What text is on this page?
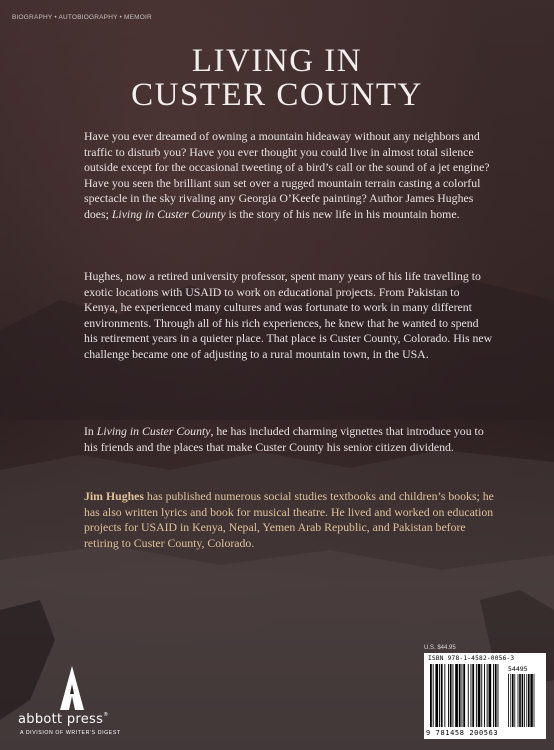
BIOGRAPHY • AUTOBIOGRAPHY • MEMOIR
LIVING IN
CUSTER COUNTY

Have you ever dreamed of owning a mountain hideaway without any neighbors and traffic to disturb you? Have you ever thought you could live in almost total silence outside except for the occasional tweeting of a bird’s call or the sound of a jet engine? Have you seen the brilliant sun set over a rugged mountain terrain casting a colorful spectacle in the sky rivaling any Georgia O’Keefe painting? Author James Hughes does; Living in Custer County is the story of his new life in his mountain home.

Hughes, now a retired university professor, spent many years of his life travelling to exotic locations with USAID to work on educational projects. From Pakistan to Kenya, he experienced many cultures and was fortunate to work in many different environments. Through all of his rich experiences, he knew that he wanted to spend his retirement years in a quieter place. That place is Custer County, Colorado. His new challenge became one of adjusting to a rural mountain town, in the USA.

In Living in Custer County, he has included charming vignettes that introduce you to his friends and the places that make Custer County his senior citizen dividend.

Jim Hughes has published numerous social studies textbooks and children’s books; he has also written lyrics and book for musical theatre. He lived and worked on education projects for USAID in Kenya, Nepal, Yemen Arab Republic, and Pakistan before retiring to Custer County, Colorado.

U.S. $44.95
ISBN 978-1-4582-0056-3
54495
9 781458 200563
abbott press®
A DIVISION OF WRITER’S DIGEST
